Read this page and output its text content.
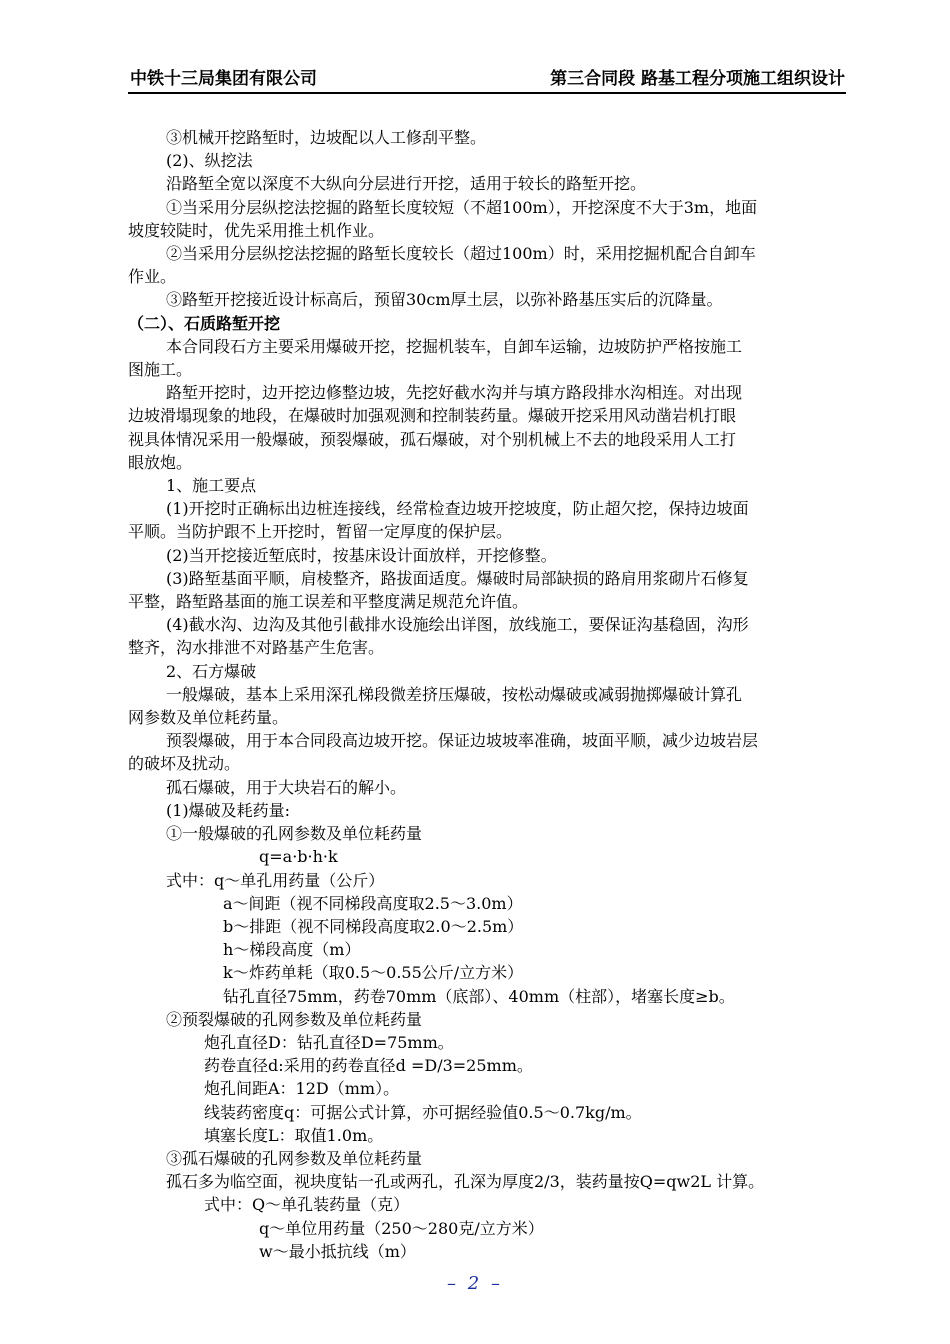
中铁十三局集团有限公司	第三合同段 路基工程分项施工组织设计

③机械开挖路堑时，边坡配以人工修刮平整。

(2)、纵挖法

沿路堑全宽以深度不大纵向分层进行开挖，适用于较长的路堑开挖。

①当采用分层纵挖法挖掘的路堑长度较短（不超100m），开挖深度不大于3m，地面

坡度较陡时，优先采用推土机作业。

②当采用分层纵挖法挖掘的路堑长度较长（超过100m）时，采用挖掘机配合自卸车

作业。

③路堑开挖接近设计标高后，预留30cm厚土层，以弥补路基压实后的沉降量。

（二）、石质路堑开挖

本合同段石方主要采用爆破开挖，挖掘机装车，自卸车运输，边坡防护严格按施工

图施工。

路堑开挖时，边开挖边修整边坡，先挖好截水沟并与填方路段排水沟相连。对出现

边坡滑塌现象的地段，在爆破时加强观测和控制装药量。爆破开挖采用风动凿岩机打眼

视具体情况采用一般爆破，预裂爆破，孤石爆破，对个别机械上不去的地段采用人工打

眼放炮。

1、施工要点

(1)开挖时正确标出边桩连接线，经常检查边坡开挖坡度，防止超欠挖，保持边坡面

平顺。当防护跟不上开挖时，暂留一定厚度的保护层。

(2)当开挖接近堑底时，按基床设计面放样，开挖修整。

(3)路堑基面平顺，肩棱整齐，路拔面适度。爆破时局部缺损的路肩用浆砌片石修复

平整，路堑路基面的施工误差和平整度满足规范允许值。

(4)截水沟、边沟及其他引截排水设施绘出详图，放线施工，要保证沟基稳固，沟形

整齐，沟水排泄不对路基产生危害。

2、石方爆破

一般爆破，基本上采用深孔梯段微差挤压爆破，按松动爆破或减弱抛掷爆破计算孔

网参数及单位耗药量。

预裂爆破，用于本合同段高边坡开挖。保证边坡坡率准确，坡面平顺，减少边坡岩层

的破坏及扰动。

孤石爆破，用于大块岩石的解小。

(1)爆破及耗药量:

①一般爆破的孔网参数及单位耗药量

q=a·b·h·k

式中：q～单孔用药量（公斤）

a～间距（视不同梯段高度取2.5～3.0m）

b～排距（视不同梯段高度取2.0～2.5m）

h～梯段高度（m）

k～炸药单耗（取0.5～0.55公斤/立方米）

钻孔直径75mm，药卷70mm（底部）、40mm（柱部），堵塞长度≥b。

②预裂爆破的孔网参数及单位耗药量

炮孔直径D：钻孔直径D=75mm。

药卷直径d:采用的药卷直径d =D/3=25mm。

炮孔间距A：12D（mm）。

线装药密度q：可据公式计算，亦可据经验值0.5～0.7kg/m。

填塞长度L：取值1.0m。

③孤石爆破的孔网参数及单位耗药量

孤石多为临空面，视块度钻一孔或两孔，孔深为厚度2/3，装药量按Q=qw2L 计算。

式中：Q～单孔装药量（克）

q～单位用药量（250～280克/立方米）

w～最小抵抗线（m）

– 2 –
